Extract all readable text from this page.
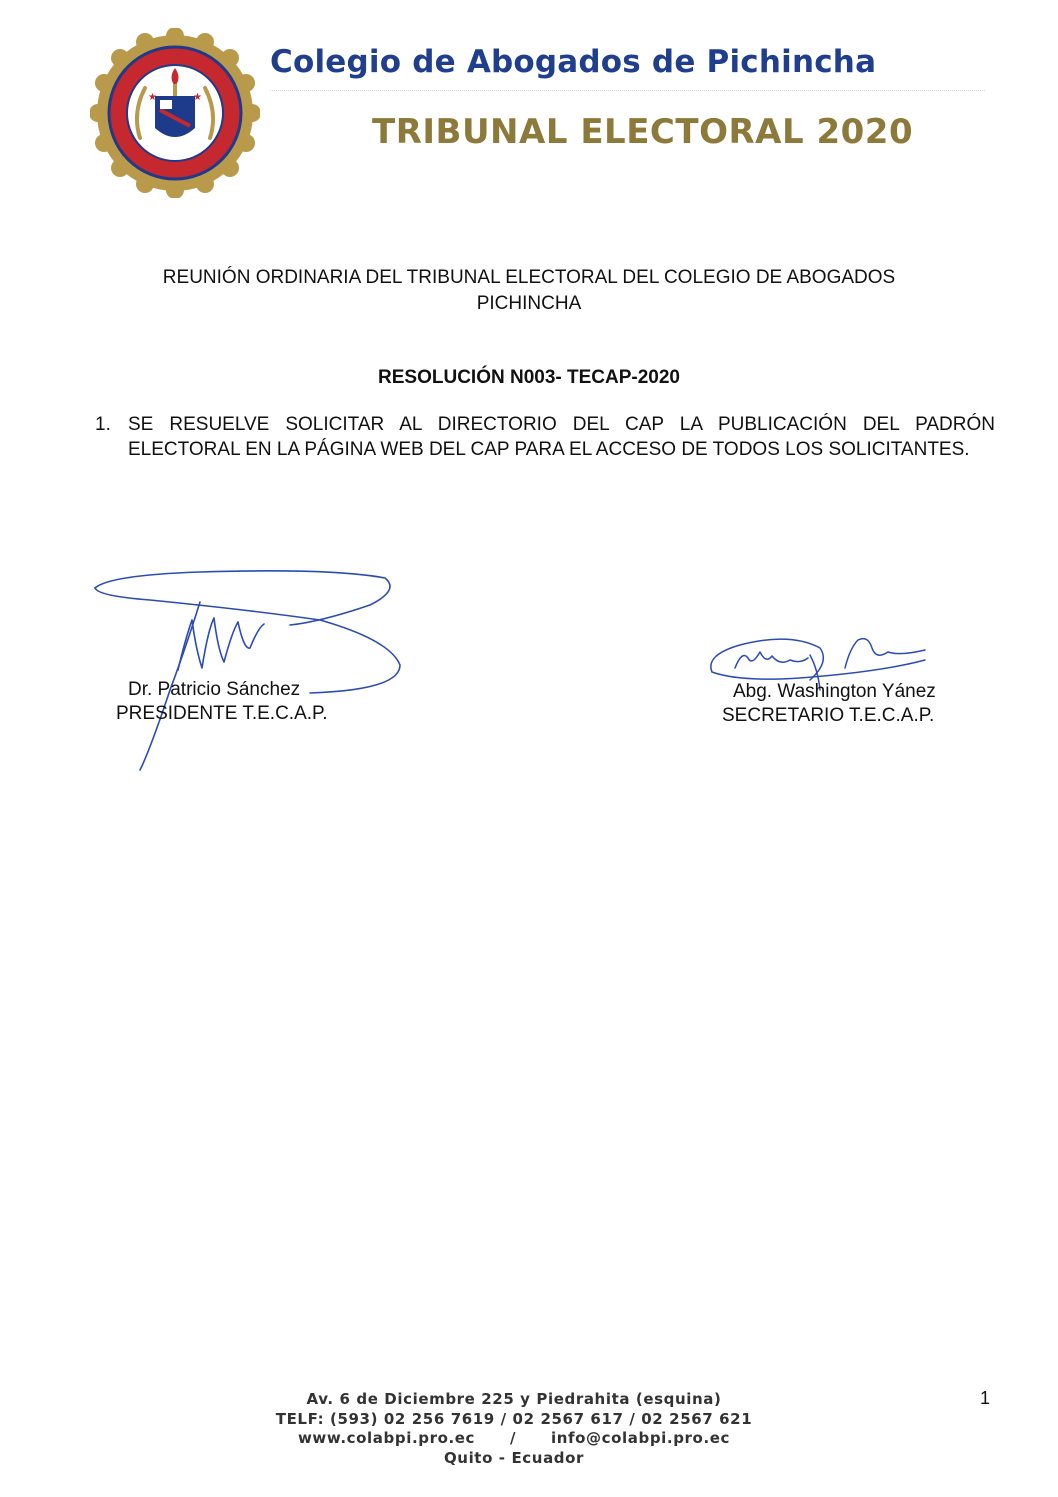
★	★
Colegio de Abogados de Pichincha
TRIBUNAL ELECTORAL 2020
REUNIÓN ORDINARIA DEL TRIBUNAL ELECTORAL DEL COLEGIO DE ABOGADOS
PICHINCHA
RESOLUCIÓN N003- TECAP-2020
1. SE RESUELVE SOLICITAR AL DIRECTORIO DEL CAP LA PUBLICACIÓN DEL PADRÓN ELECTORAL EN LA PÁGINA WEB DEL CAP PARA EL ACCESO DE TODOS LOS SOLICITANTES.
Dr. Patricio Sánchez
PRESIDENTE T.E.C.A.P.
Abg. Washington Yánez
SECRETARIO T.E.C.A.P.
Av. 6 de Diciembre 225 y Piedrahita (esquina)
TELF: (593) 02 256 7619 / 02 2567 617 / 02 2567 621
www.colabpi.pro.ec      /      info@colabpi.pro.ec
Quito - Ecuador
1
